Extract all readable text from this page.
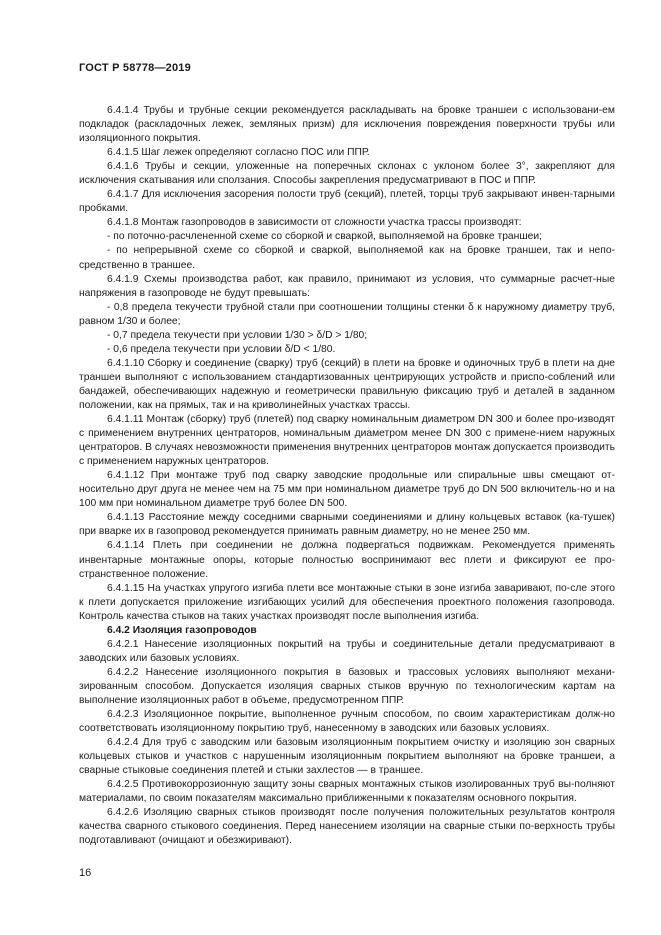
ГОСТ Р 58778—2019

6.4.1.4 Трубы и трубные секции рекомендуется раскладывать на бровке траншеи с использовани-ем подкладок (раскладочных лежек, земляных призм) для исключения повреждения поверхности трубы или изоляционного покрытия.

6.4.1.5 Шаг лежек определяют согласно ПОС или ППР.

6.4.1.6 Трубы и секции, уложенные на поперечных склонах с уклоном более 3°, закрепляют для исключения скатывания или сползания. Способы закрепления предусматривают в ПОС и ППР.

6.4.1.7 Для исключения засорения полости труб (секций), плетей, торцы труб закрывают инвен-тарными пробками.

6.4.1.8 Монтаж газопроводов в зависимости от сложности участка трассы производят:

- по поточно-расчлененной схеме со сборкой и сваркой, выполняемой на бровке траншеи;

- по непрерывной схеме со сборкой и сваркой, выполняемой как на бровке траншеи, так и непо-средственно в траншее.

6.4.1.9 Схемы производства работ, как правило, принимают из условия, что суммарные расчет-ные напряжения в газопроводе не будут превышать:

- 0,8 предела текучести трубной стали при соотношении толщины стенки δ к наружному диаметру труб, равном 1/30 и более;

- 0,7 предела текучести при условии 1/30 > δ/D > 1/80;

- 0,6 предела текучести при условии δ/D < 1/80.

6.4.1.10 Сборку и соединение (сварку) труб (секций) в плети на бровке и одиночных труб в плети на дне траншеи выполняют с использованием стандартизованных центрирующих устройств и приспо-соблений или бандажей, обеспечивающих надежную и геометрически правильную фиксацию труб и деталей в заданном положении, как на прямых, так и на криволинейных участках трассы.

6.4.1.11 Монтаж (сборку) труб (плетей) под сварку номинальным диаметром DN 300 и более про-изводят с применением внутренних центраторов, номинальным диаметром менее DN 300 с примене-нием наружных центраторов. В случаях невозможности применения внутренних центраторов монтаж допускается производить с применением наружных центраторов.

6.4.1.12 При монтаже труб под сварку заводские продольные или спиральные швы смещают от-носительно друг друга не менее чем на 75 мм при номинальном диаметре труб до DN 500 включитель-но и на 100 мм при номинальном диаметре труб более DN 500.

6.4.1.13 Расстояние между соседними сварными соединениями и длину кольцевых вставок (ка-тушек) при вварке их в газопровод рекомендуется принимать равным диаметру, но не менее 250 мм.

6.4.1.14 Плеть при соединении не должна подвергаться подвижкам. Рекомендуется применять инвентарные монтажные опоры, которые полностью воспринимают вес плети и фиксируют ее про-странственное положение.

6.4.1.15 На участках упругого изгиба плети все монтажные стыки в зоне изгиба заваривают, по-сле этого к плети допускается приложение изгибающих усилий для обеспечения проектного положения газопровода. Контроль качества стыков на таких участках производят после выполнения изгиба.

6.4.2 Изоляция газопроводов

6.4.2.1 Нанесение изоляционных покрытий на трубы и соединительные детали предусматривают в заводских или базовых условиях.

6.4.2.2 Нанесение изоляционного покрытия в базовых и трассовых условиях выполняют механи-зированным способом. Допускается изоляция сварных стыков вручную по технологическим картам на выполнение изоляционных работ в объеме, предусмотренном ППР.

6.4.2.3 Изоляционное покрытие, выполненное ручным способом, по своим характеристикам долж-но соответствовать изоляционному покрытию труб, нанесенному в заводских или базовых условиях.

6.4.2.4 Для труб с заводским или базовым изоляционным покрытием очистку и изоляцию зон сварных кольцевых стыков и участков с нарушенным изоляционным покрытием выполняют на бровке траншеи, а сварные стыковые соединения плетей и стыки захлестов — в траншее.

6.4.2.5 Противокоррозионную защиту зоны сварных монтажных стыков изолированных труб вы-полняют материалами, по своим показателям максимально приближенными к показателям основного покрытия.

6.4.2.6 Изоляцию сварных стыков производят после получения положительных результатов контроля качества сварного стыкового соединения. Перед нанесением изоляции на сварные стыки по-верхность трубы подготавливают (очищают и обезжиривают).

16
